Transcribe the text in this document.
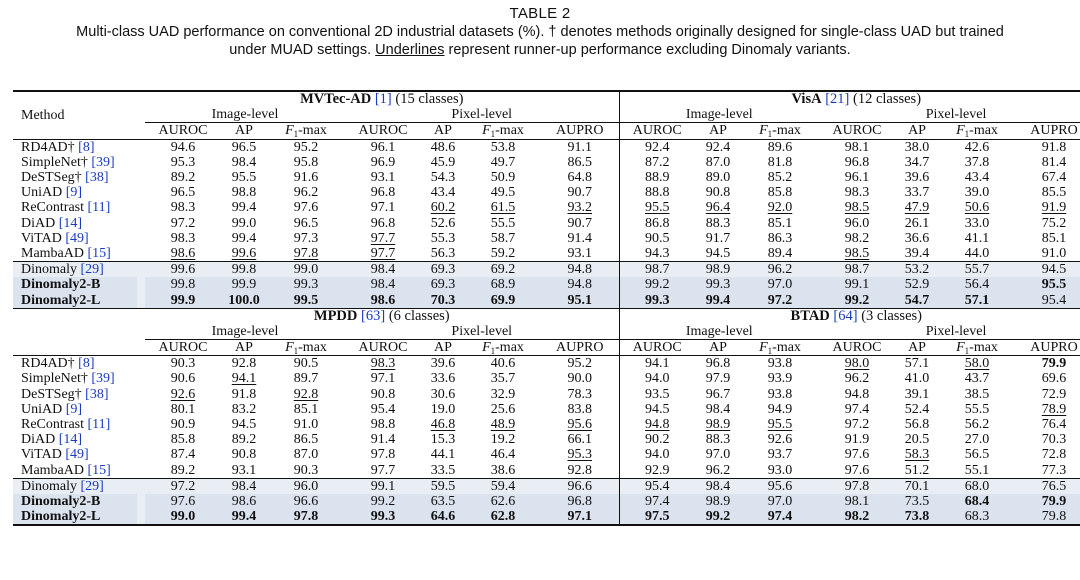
TABLE 2
Multi-class UAD performance on conventional 2D industrial datasets (%). † denotes methods originally designed for single-class UAD but trained
under MUAD settings. Underlines represent runner-up performance excluding Dinomaly variants.
Method		MVTec-AD [1] (15 classes)							VisA [21] (12 classes)						
		Image-level			Pixel-level				Image-level			Pixel-level			
		AUROC	AP	$F_1-\max$	AUROC	AP	$F_1-\max$	AUPRO	AUROC	AP	$F_1-\max$	AUROC	AP	$F_1-\max$	AUPRO
RD4AD† [8]		94.6	96.5	95.2	96.1	48.6	53.8	91.1	92.4	92.4	89.6	98.1	38.0	42.6	91.8
SimpleNet† [39]		95.3	98.4	95.8	96.9	45.9	49.7	86.5	87.2	87.0	81.8	96.8	34.7	37.8	81.4
DeSTSeg† [38]		89.2	95.5	91.6	93.1	54.3	50.9	64.8	88.9	89.0	85.2	96.1	39.6	43.4	67.4
UniAD [9]		96.5	98.8	96.2	96.8	43.4	49.5	90.7	88.8	90.8	85.8	98.3	33.7	39.0	85.5
ReContrast [11]		98.3	99.4	97.6	97.1	60.2	61.5	93.2	95.5	96.4	92.0	98.5	47.9	50.6	91.9
DiAD [14]		97.2	99.0	96.5	96.8	52.6	55.5	90.7	86.8	88.3	85.1	96.0	26.1	33.0	75.2
ViTAD [49]		98.3	99.4	97.3	97.7	55.3	58.7	91.4	90.5	91.7	86.3	98.2	36.6	41.1	85.1
MambaAD [15]		98.6	99.6	97.8	97.7	56.3	59.2	93.1	94.3	94.5	89.4	98.5	39.4	44.0	91.0
Dinomaly [29]		99.6	99.8	99.0	98.4	69.3	69.2	94.8	98.7	98.9	96.2	98.7	53.2	55.7	94.5
Dinomaly2-B		99.8	99.9	99.3	98.4	69.3	68.9	94.8	99.2	99.3	97.0	99.1	52.9	56.4	95.5
Dinomaly2-L		99.9	100.0	99.5	98.6	70.3	69.9	95.1	99.3	99.4	97.2	99.2	54.7	57.1	95.4
		MPDD [63] (6 classes)							BTAD [64] (3 classes)						
		Image-level			Pixel-level				Image-level			Pixel-level			
		AUROC	AP	$F_1-\max$	AUROC	AP	$F_1-\max$	AUPRO	AUROC	AP	$F_1-\max$	AUROC	AP	$F_1-\max$	AUPRO
RD4AD† [8]		90.3	92.8	90.5	98.3	39.6	40.6	95.2	94.1	96.8	93.8	98.0	57.1	58.0	79.9
SimpleNet† [39]		90.6	94.1	89.7	97.1	33.6	35.7	90.0	94.0	97.9	93.9	96.2	41.0	43.7	69.6
DeSTSeg† [38]		92.6	91.8	92.8	90.8	30.6	32.9	78.3	93.5	96.7	93.8	94.8	39.1	38.5	72.9
UniAD [9]		80.1	83.2	85.1	95.4	19.0	25.6	83.8	94.5	98.4	94.9	97.4	52.4	55.5	78.9
ReContrast [11]		90.9	94.5	91.0	98.8	46.8	48.9	95.6	94.8	98.9	95.5	97.2	56.8	56.2	76.4
DiAD [14]		85.8	89.2	86.5	91.4	15.3	19.2	66.1	90.2	88.3	92.6	91.9	20.5	27.0	70.3
ViTAD [49]		87.4	90.8	87.0	97.8	44.1	46.4	95.3	94.0	97.0	93.7	97.6	58.3	56.5	72.8
MambaAD [15]		89.2	93.1	90.3	97.7	33.5	38.6	92.8	92.9	96.2	93.0	97.6	51.2	55.1	77.3
Dinomaly [29]		97.2	98.4	96.0	99.1	59.5	59.4	96.6	95.4	98.4	95.6	97.8	70.1	68.0	76.5
Dinomaly2-B		97.6	98.6	96.6	99.2	63.5	62.6	96.8	97.4	98.9	97.0	98.1	73.5	68.4	79.9
Dinomaly2-L		99.0	99.4	97.8	99.3	64.6	62.8	97.1	97.5	99.2	97.4	98.2	73.8	68.3	79.8
